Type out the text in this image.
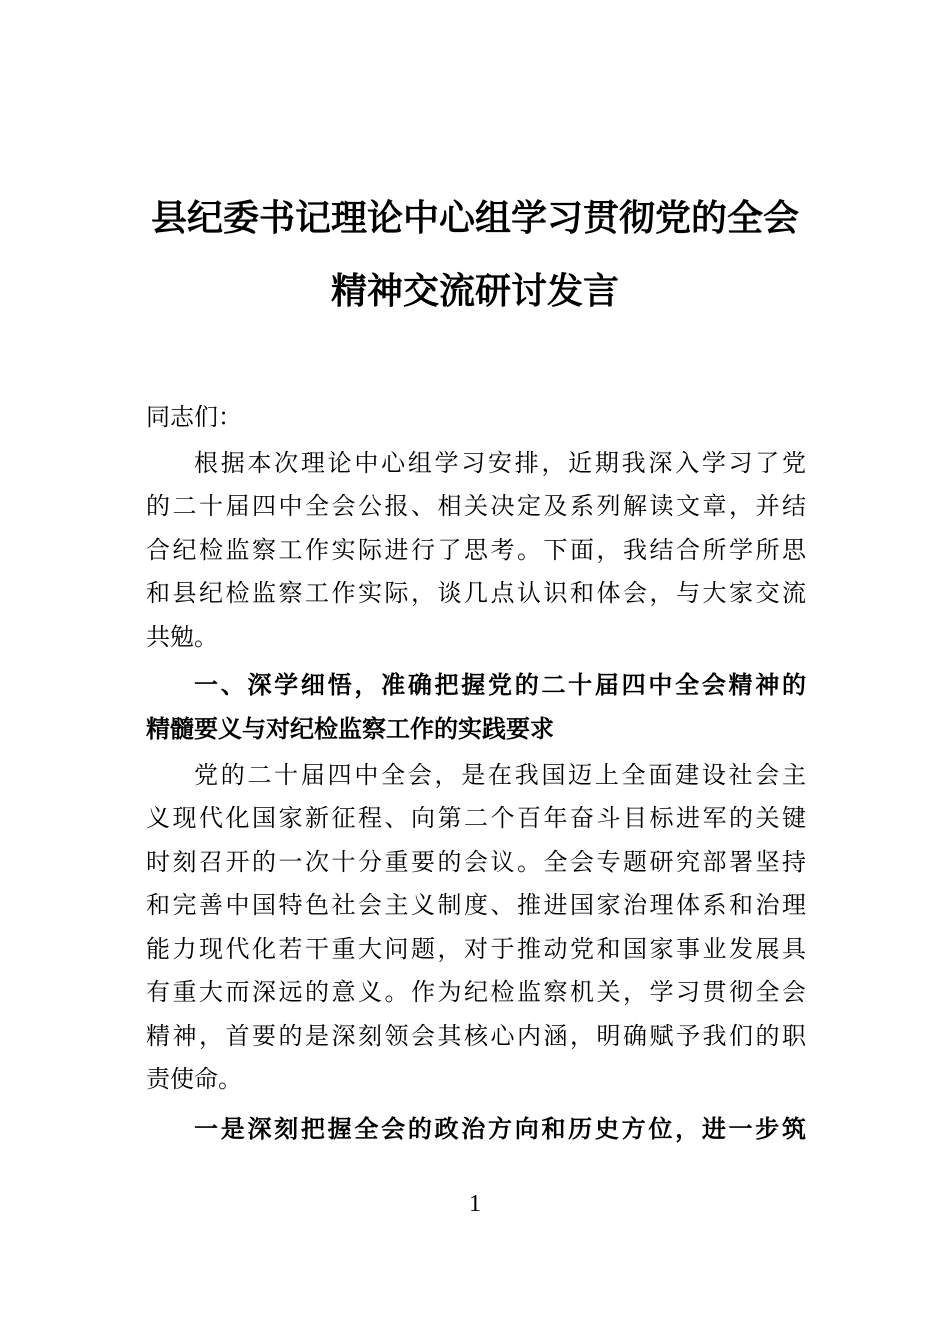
县纪委书记理论中心组学习贯彻党的全会
精神交流研讨发言
同志们：
根据本次理论中心组学习安排，近期我深入学习了党
的二十届四中全会公报、相关决定及系列解读文章，并结
合纪检监察工作实际进行了思考。下面，我结合所学所思
和县纪检监察工作实际，谈几点认识和体会，与大家交流
共勉。
一、深学细悟，准确把握党的二十届四中全会精神的
精髓要义与对纪检监察工作的实践要求
党的二十届四中全会，是在我国迈上全面建设社会主
义现代化国家新征程、向第二个百年奋斗目标进军的关键
时刻召开的一次十分重要的会议。全会专题研究部署坚持
和完善中国特色社会主义制度、推进国家治理体系和治理
能力现代化若干重大问题，对于推动党和国家事业发展具
有重大而深远的意义。作为纪检监察机关，学习贯彻全会
精神，首要的是深刻领会其核心内涵，明确赋予我们的职
责使命。
一是深刻把握全会的政治方向和历史方位，进一步筑
1
